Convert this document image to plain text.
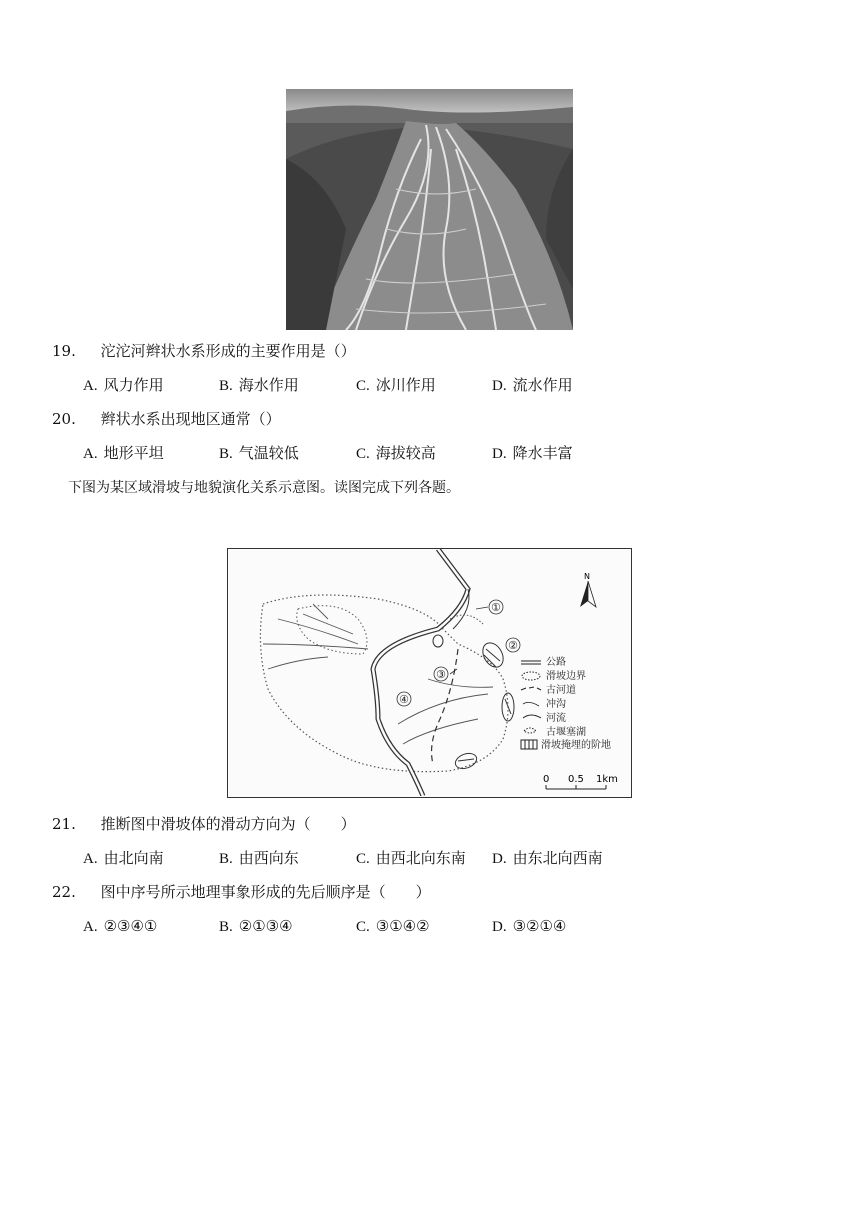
19. 沱沱河辫状水系形成的主要作用是（）
A. 风力作用	B. 海水作用	C. 冰川作用	D. 流水作用
20. 辫状水系出现地区通常（）
A. 地形平坦	B. 气温较低	C. 海拔较高	D. 降水丰富
下图为某区域滑坡与地貌演化关系示意图。读图完成下列各题。
①
②
③
④
N
公路
滑坡边界
古河道
冲沟
河流
古堰塞湖
滑坡掩埋的阶地
0 0.5 1km
21. 推断图中滑坡体的滑动方向为（　　）
A. 由北向南	B. 由西向东	C. 由西北向东南 D. 由东北向西南
22. 图中序号所示地理事象形成的先后顺序是（　　）
A. ②③④①	B. ②①③④	C. ③①④②	D. ③②①④
